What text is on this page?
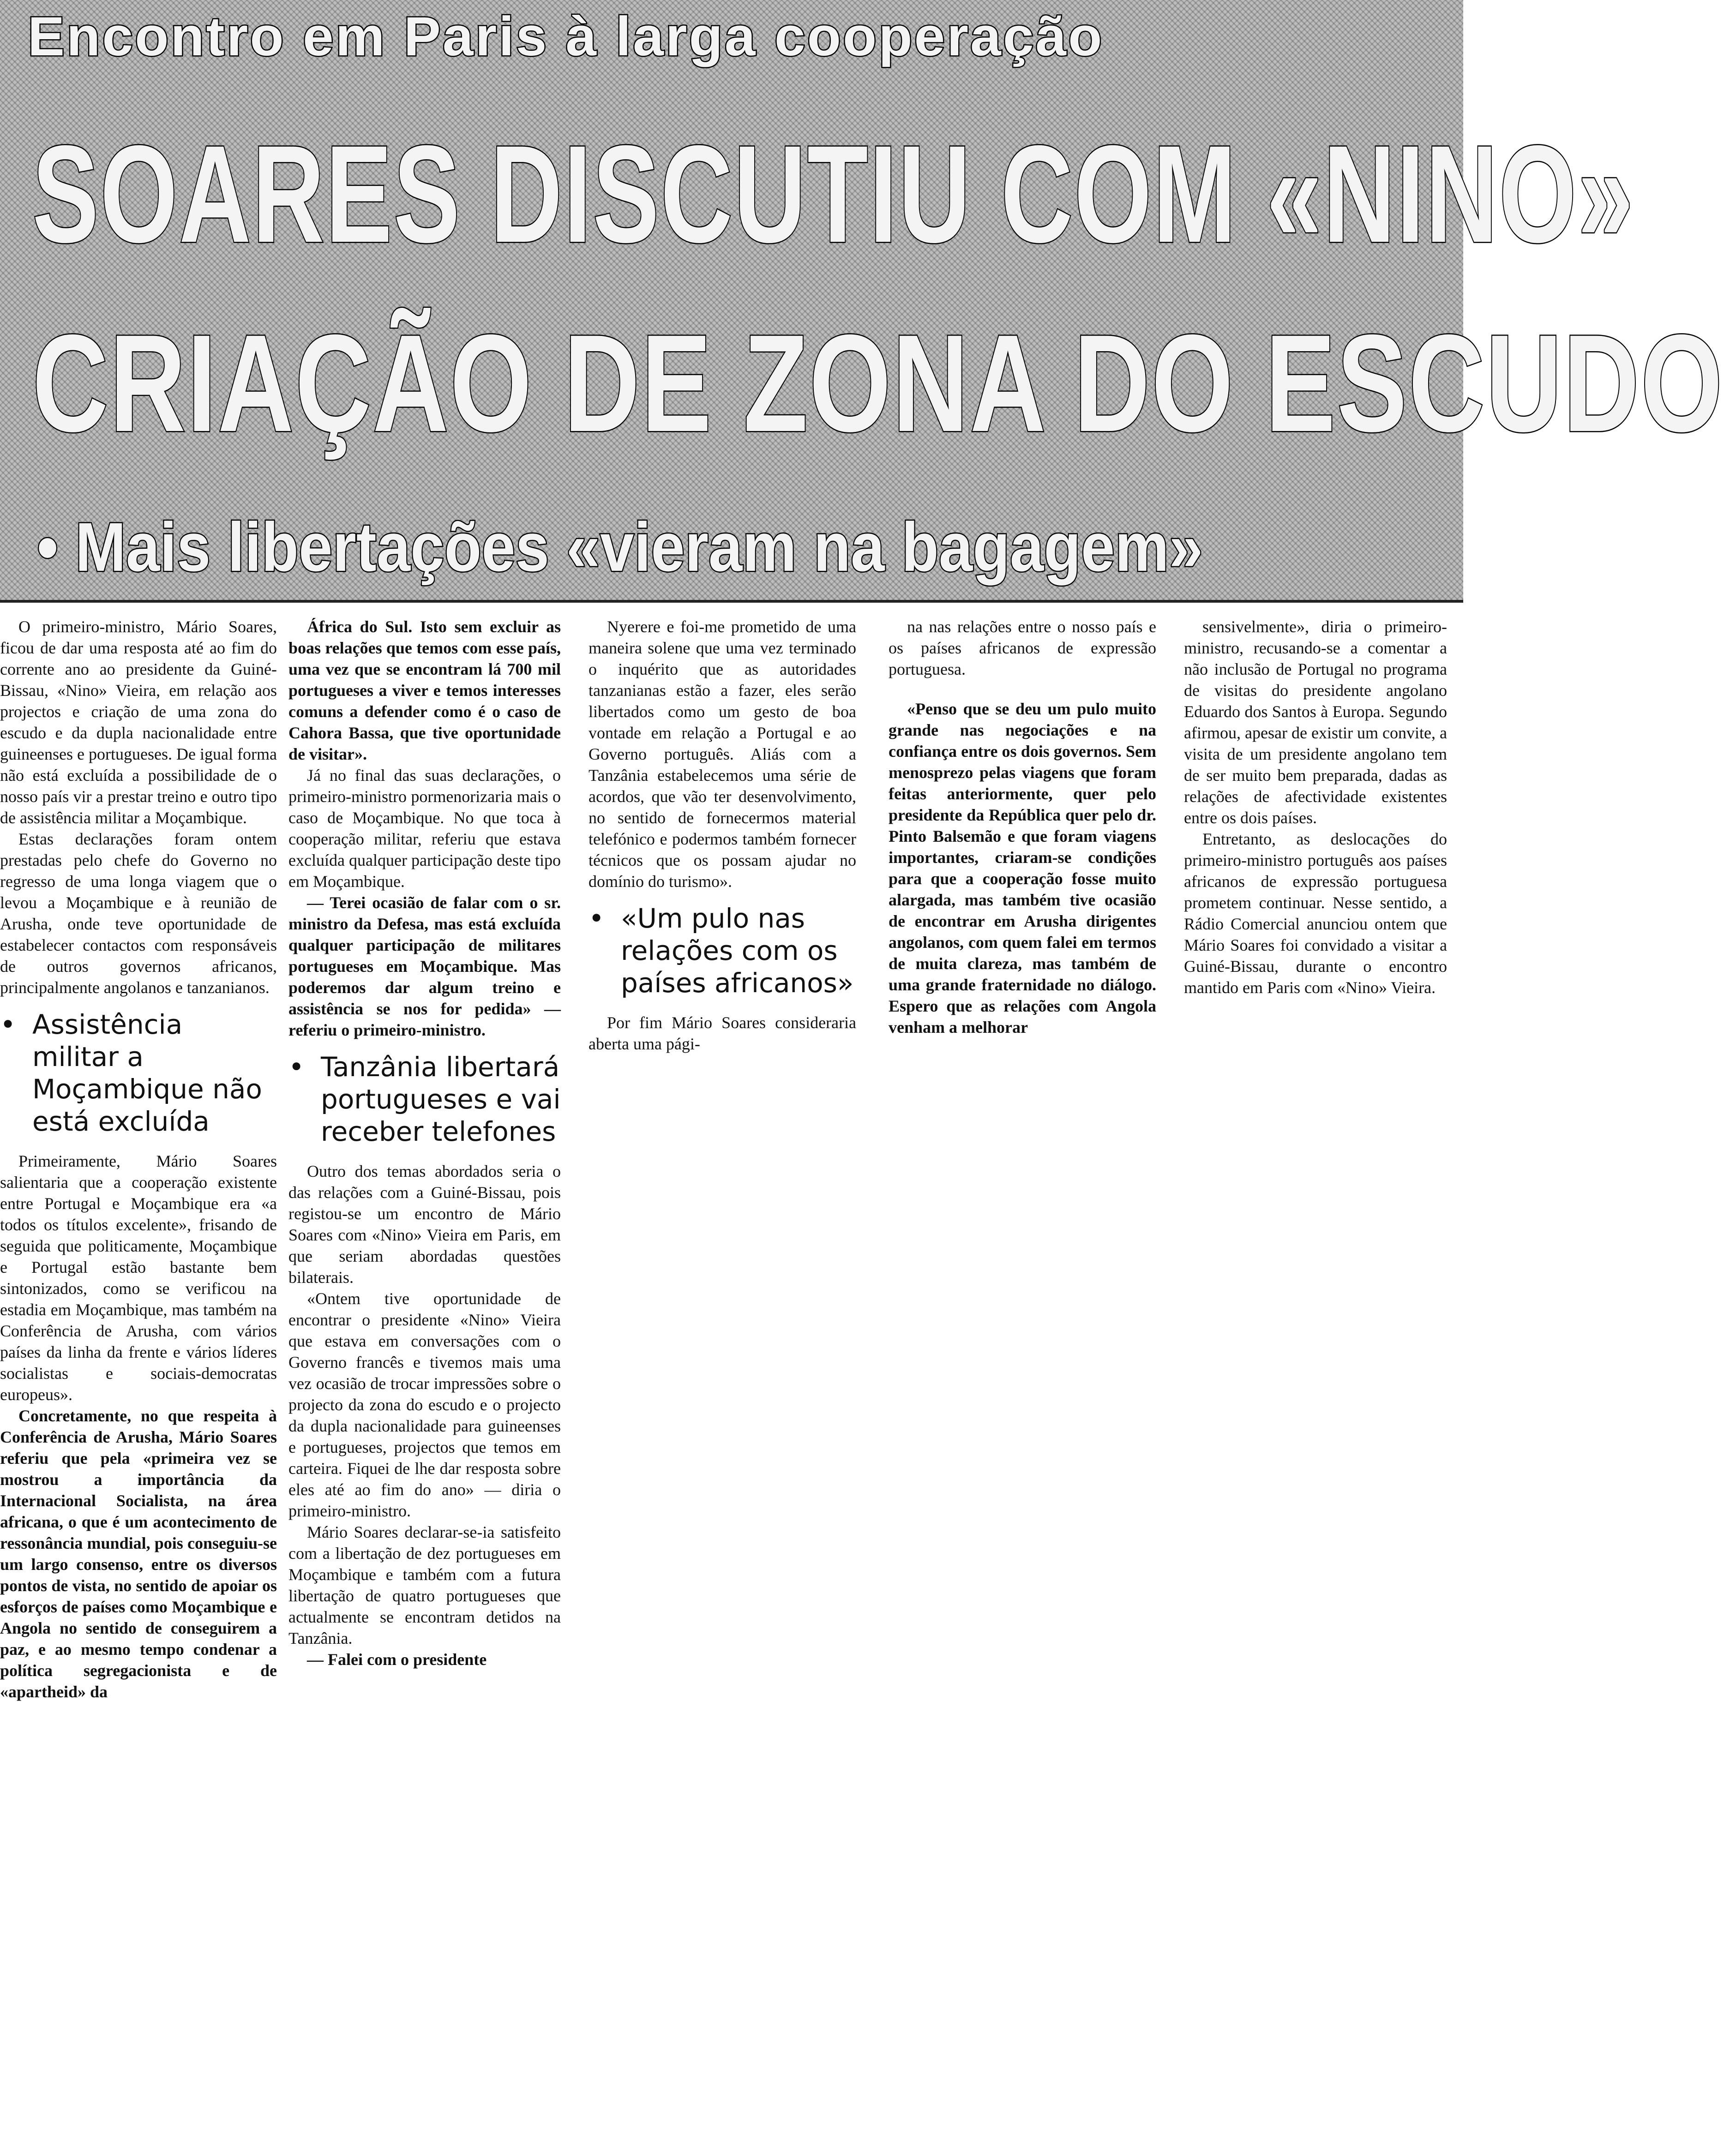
Encontro em Paris à larga cooperação
SOARES DISCUTIU COM «NINO»
CRIAÇÃO DE ZONA DO ESCUDO
• Mais libertações «vieram na bagagem»

O primeiro-ministro, Mário Soares, ficou de dar uma resposta até ao fim do corrente ano ao presidente da Guiné-Bissau, «Nino» Vieira, em relação aos projectos e criação de uma zona do escudo e da dupla nacionalidade entre guineenses e portugueses. De igual forma não está excluída a possibilidade de o nosso país vir a prestar treino e outro tipo de assistência militar a Moçambique.

Estas declarações foram ontem prestadas pelo chefe do Governo no regresso de uma longa viagem que o levou a Moçambique e à reunião de Arusha, onde teve oportunidade de estabelecer contactos com responsáveis de outros governos africanos, principalmente angolanos e tanzanianos.

• Assistência militar a Moçambique não está excluída

Primeiramente, Mário Soares salientaria que a cooperação existente entre Portugal e Moçambique era «a todos os títulos excelente», frisando de seguida que politicamente, Moçambique e Portugal estão bastante bem sintonizados, como se verificou na estadia em Moçambique, mas também na Conferência de Arusha, com vários países da linha da frente e vários líderes socialistas e sociais-democratas europeus».

Concretamente, no que respeita à Conferência de Arusha, Mário Soares referiu que pela «primeira vez se mostrou a importância da Internacional Socialista, na área africana, o que é um acontecimento de ressonância mundial, pois conseguiu-se um largo consenso, entre os diversos pontos de vista, no sentido de apoiar os esforços de países como Moçambique e Angola no sentido de conseguirem a paz, e ao mesmo tempo condenar a política segregacionista e de «apartheid» da

África do Sul. Isto sem excluir as boas relações que temos com esse país, uma vez que se encontram lá 700 mil portugueses a viver e temos interesses comuns a defender como é o caso de Cahora Bassa, que tive oportunidade de visitar».

Já no final das suas declarações, o primeiro-ministro pormenorizaria mais o caso de Moçambique. No que toca à cooperação militar, referiu que estava excluída qualquer participação deste tipo em Moçambique.

— Terei ocasião de falar com o sr. ministro da Defesa, mas está excluída qualquer participação de militares portugueses em Moçambique. Mas poderemos dar algum treino e assistência se nos for pedida» — referiu o primeiro-ministro.

• Tanzânia libertará portugueses e vai receber telefones

Outro dos temas abordados seria o das relações com a Guiné-Bissau, pois registou-se um encontro de Mário Soares com «Nino» Vieira em Paris, em que seriam abordadas questões bilaterais.

«Ontem tive oportunidade de encontrar o presidente «Nino» Vieira que estava em conversações com o Governo francês e tivemos mais uma vez ocasião de trocar impressões sobre o projecto da zona do escudo e o projecto da dupla nacionalidade para guineenses e portugueses, projectos que temos em carteira. Fiquei de lhe dar resposta sobre eles até ao fim do ano» — diria o primeiro-ministro.

Mário Soares declarar-se-ia satisfeito com a libertação de dez portugueses em Moçambique e também com a futura libertação de quatro portugueses que actualmente se encontram detidos na Tanzânia.

— Falei com o presidente

Nyerere e foi-me prometido de uma maneira solene que uma vez terminado o inquérito que as autoridades tanzanianas estão a fazer, eles serão libertados como um gesto de boa vontade em relação a Portugal e ao Governo português. Aliás com a Tanzânia estabelecemos uma série de acordos, que vão ter desenvolvimento, no sentido de fornecermos material telefónico e podermos também fornecer técnicos que os possam ajudar no domínio do turismo».

• «Um pulo nas relações com os países africanos»

Por fim Mário Soares consideraria aberta uma pági-

na nas relações entre o nosso país e os países africanos de expressão portuguesa.

«Penso que se deu um pulo muito grande nas negociações e na confiança entre os dois governos. Sem menosprezo pelas viagens que foram feitas anteriormente, quer pelo presidente da República quer pelo dr. Pinto Balsemão e que foram viagens importantes, criaram-se condições para que a cooperação fosse muito alargada, mas também tive ocasião de encontrar em Arusha dirigentes angolanos, com quem falei em termos de muita clareza, mas também de uma grande fraternidade no diálogo. Espero que as relações com Angola venham a melhorar

sensivelmente», diria o primeiro-ministro, recusando-se a comentar a não inclusão de Portugal no programa de visitas do presidente angolano Eduardo dos Santos à Europa. Segundo afirmou, apesar de existir um convite, a visita de um presidente angolano tem de ser muito bem preparada, dadas as relações de afectividade existentes entre os dois países.

Entretanto, as deslocações do primeiro-ministro português aos países africanos de expressão portuguesa prometem continuar. Nesse sentido, a Rádio Comercial anunciou ontem que Mário Soares foi convidado a visitar a Guiné-Bissau, durante o encontro mantido em Paris com «Nino» Vieira.
